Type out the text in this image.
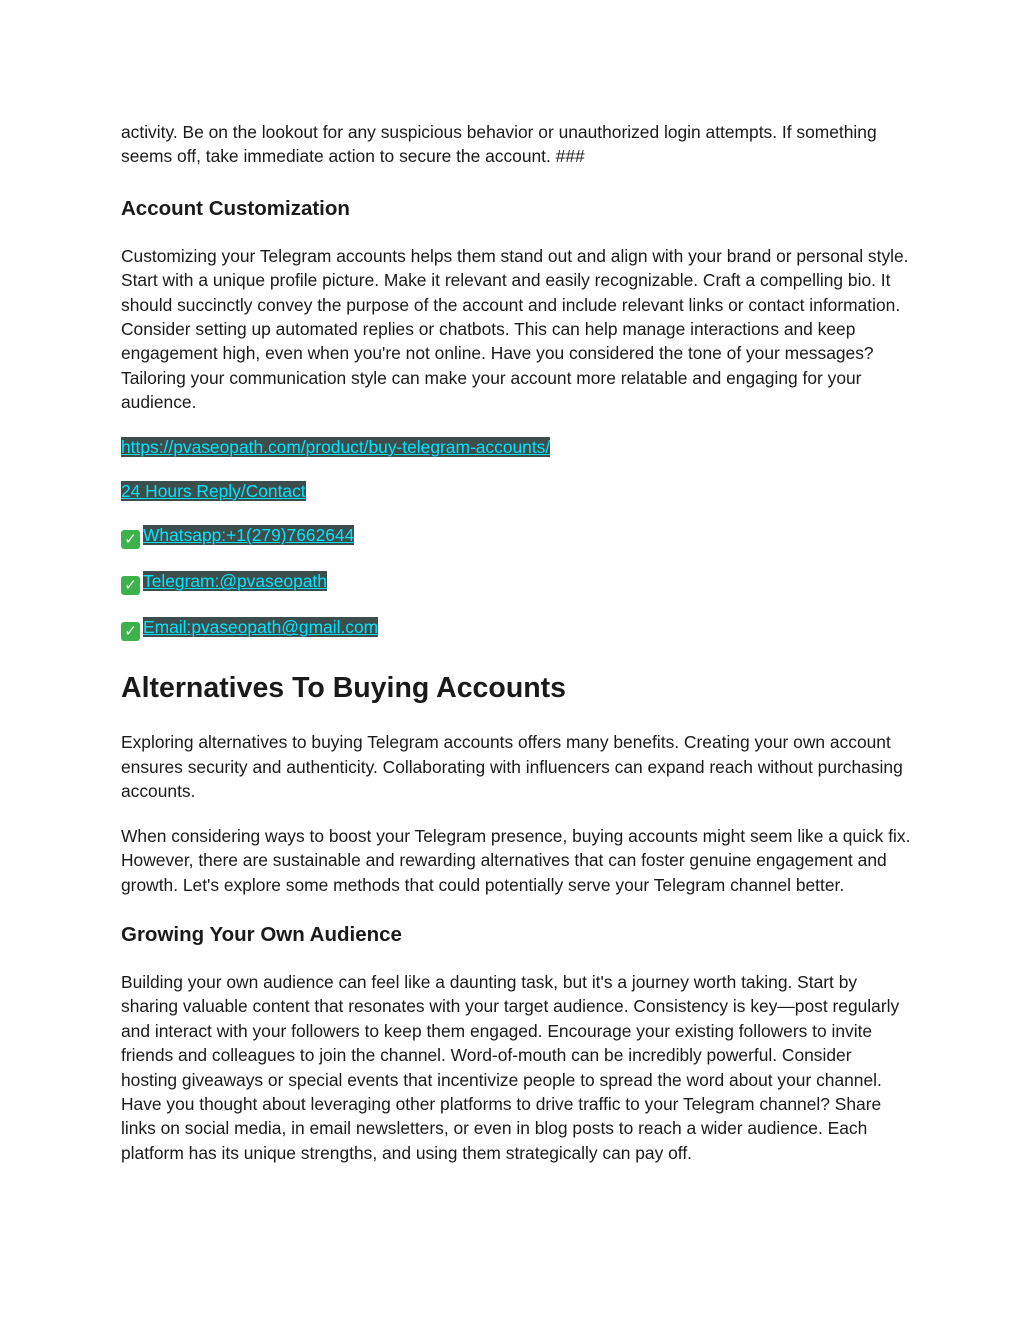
activity. Be on the lookout for any suspicious behavior or unauthorized login attempts. If something seems off, take immediate action to secure the account. ###

Account Customization

Customizing your Telegram accounts helps them stand out and align with your brand or personal style. Start with a unique profile picture. Make it relevant and easily recognizable. Craft a compelling bio. It should succinctly convey the purpose of the account and include relevant links or contact information. Consider setting up automated replies or chatbots. This can help manage interactions and keep engagement high, even when you're not online. Have you considered the tone of your messages? Tailoring your communication style can make your account more relatable and engaging for your audience.

https://pvaseopath.com/product/buy-telegram-accounts/
24 Hours Reply/Contact
✓ Whatsapp:+1(279)7662644
✓ Telegram:@pvaseopath
✓ Email:pvaseopath@gmail.com
Alternatives To Buying Accounts

Exploring alternatives to buying Telegram accounts offers many benefits. Creating your own account ensures security and authenticity. Collaborating with influencers can expand reach without purchasing accounts.

When considering ways to boost your Telegram presence, buying accounts might seem like a quick fix. However, there are sustainable and rewarding alternatives that can foster genuine engagement and growth. Let's explore some methods that could potentially serve your Telegram channel better.

Growing Your Own Audience

Building your own audience can feel like a daunting task, but it's a journey worth taking. Start by sharing valuable content that resonates with your target audience. Consistency is key—post regularly and interact with your followers to keep them engaged. Encourage your existing followers to invite friends and colleagues to join the channel. Word-of-mouth can be incredibly powerful. Consider hosting giveaways or special events that incentivize people to spread the word about your channel. Have you thought about leveraging other platforms to drive traffic to your Telegram channel? Share links on social media, in email newsletters, or even in blog posts to reach a wider audience. Each platform has its unique strengths, and using them strategically can pay off.
